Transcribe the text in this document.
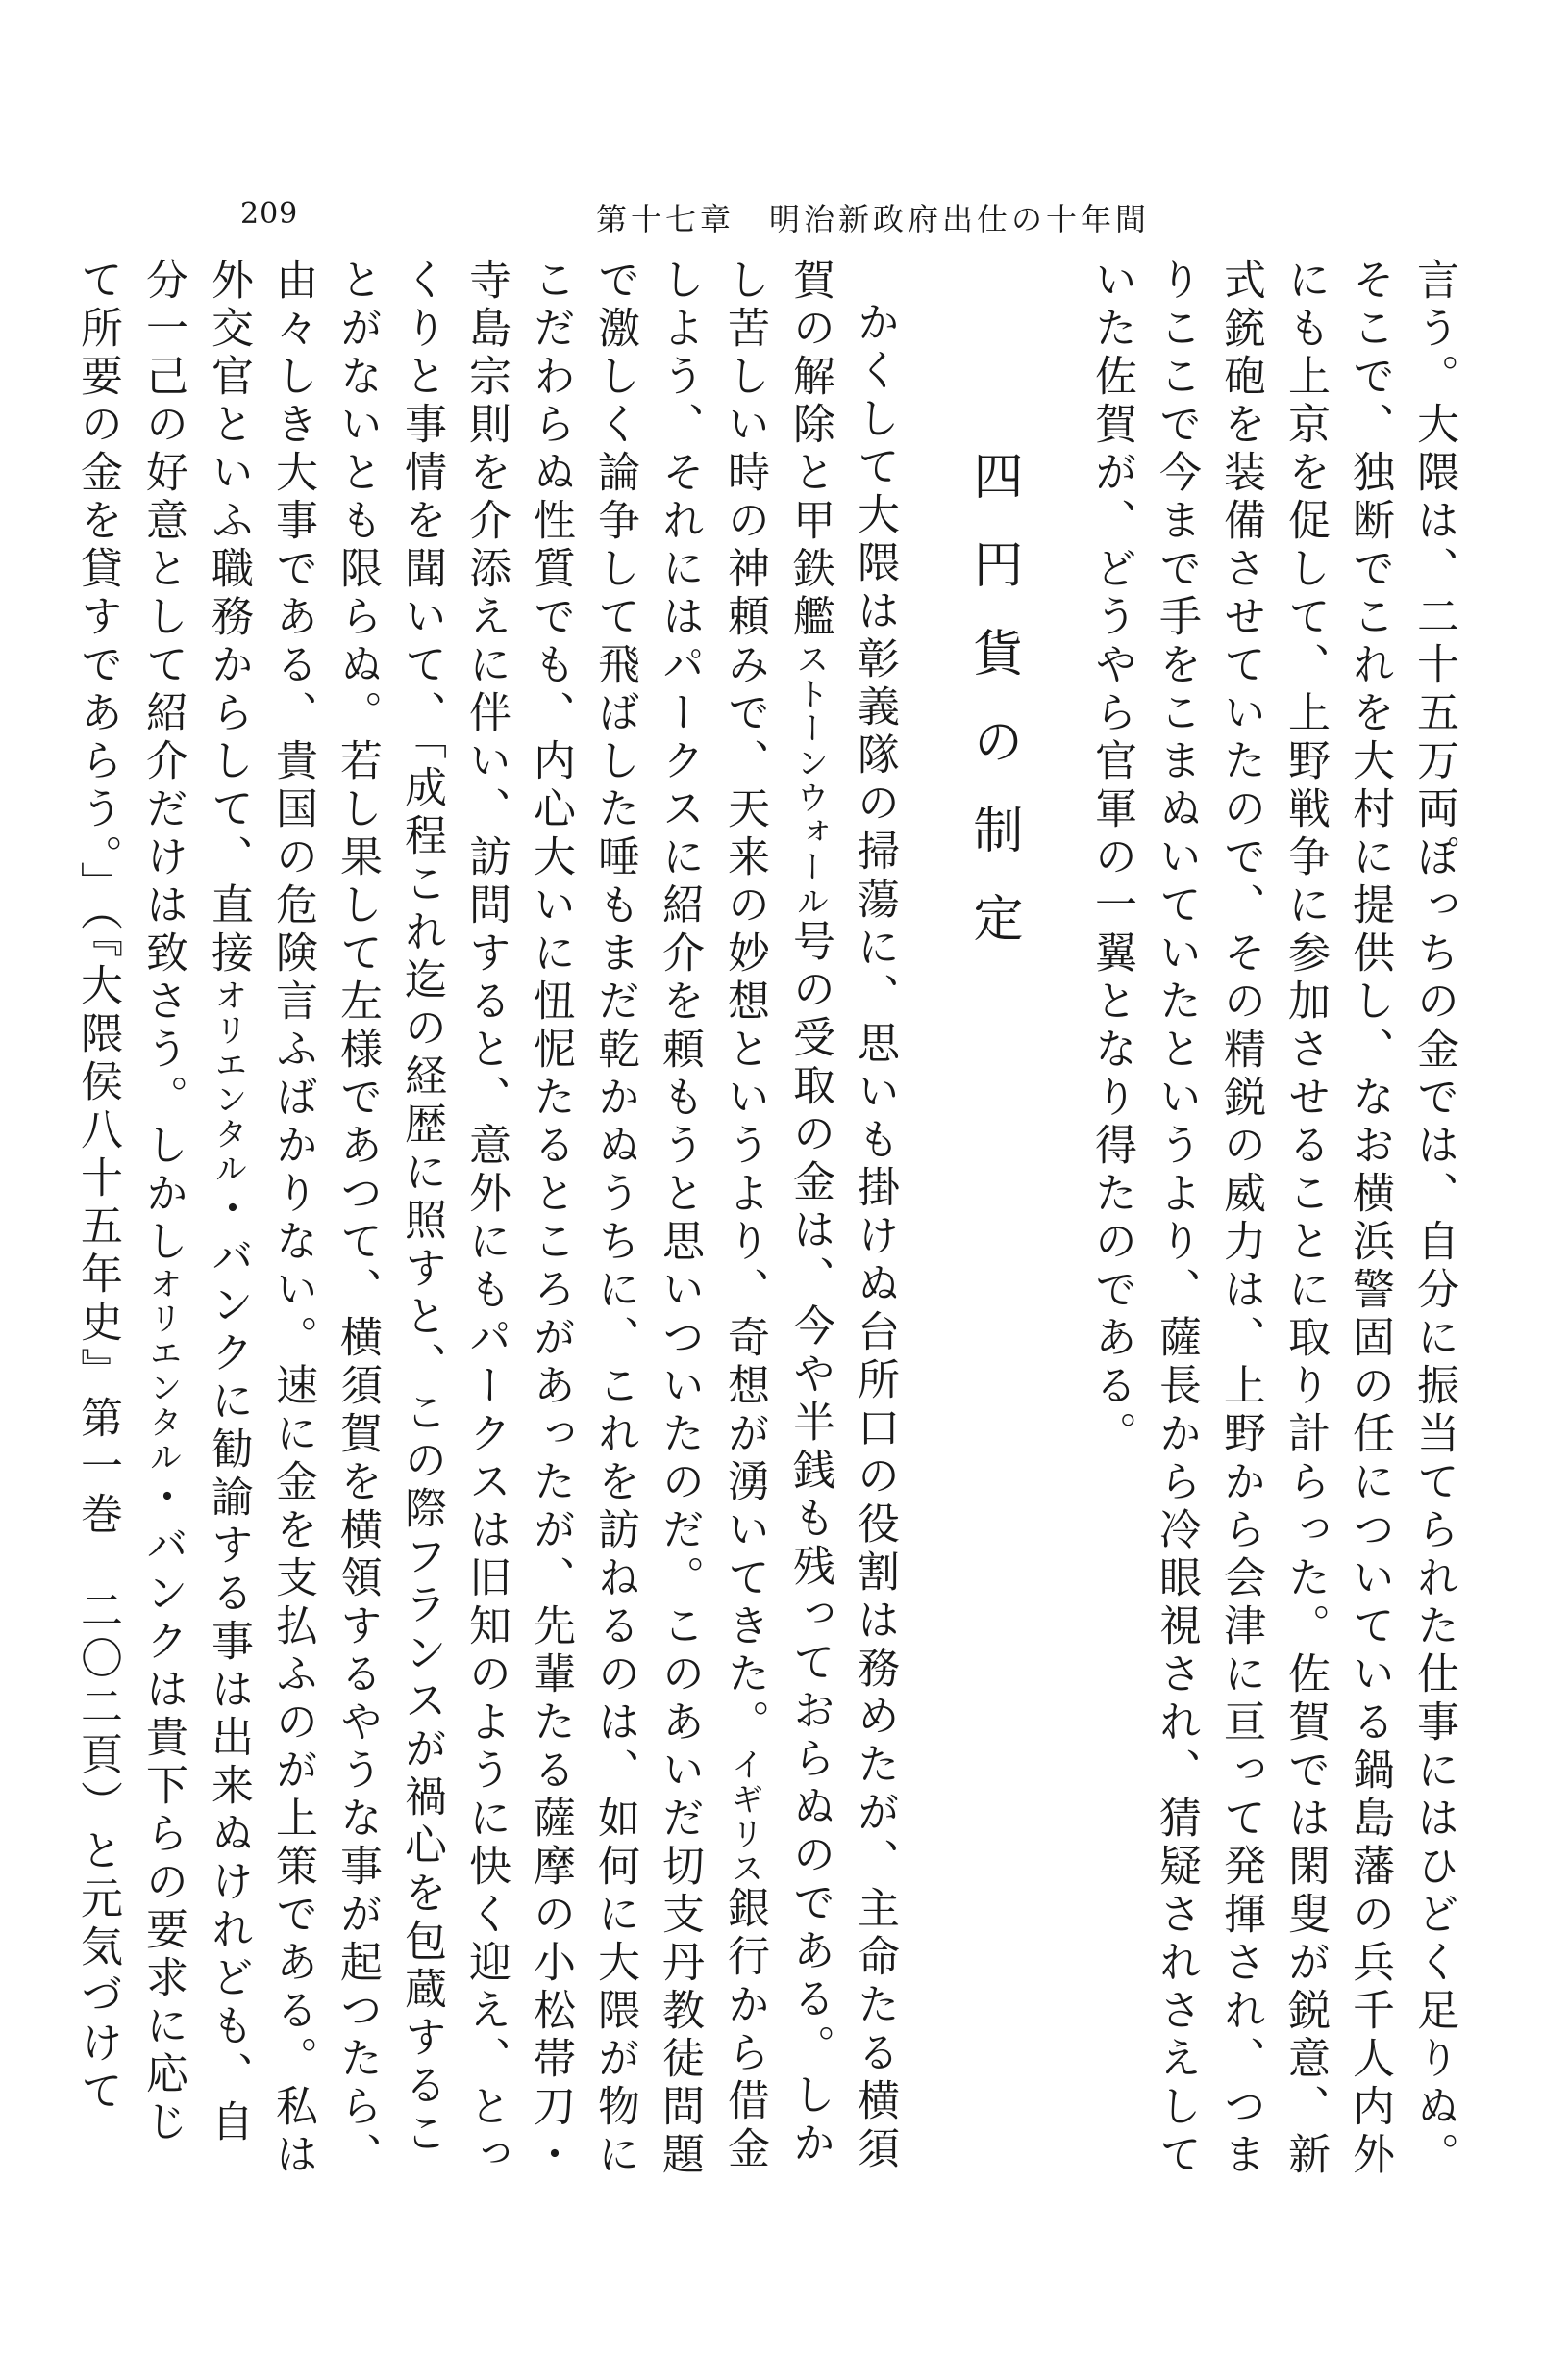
209	第十七章　明治新政府出仕の十年間

言う。大隈は、二十五万両ぽっちの金では、自分に振当てられた仕事にはひどく足りぬ。そこで、独断でこれを大村に提供し、なお横浜警固の任についている鍋島藩の兵千人内外にも上京を促して、上野戦争に参加させることに取り計らった。佐賀では閑叟が鋭意、新式銃砲を装備させていたので、その精鋭の威力は、上野から会津に亘って発揮され、つまりここで今まで手をこまぬいていたというより、薩長から冷眼視され、猜疑されさえしていた佐賀が、どうやら官軍の一翼となり得たのである。

四円貨の制定

かくして大隈は彰義隊の掃蕩に、思いも掛けぬ台所口の役割は務めたが、主命たる横須賀の解除と甲鉄艦ストーンウォール号の受取の金は、今や半銭も残っておらぬのである。しかし苦しい時の神頼みで、天来の妙想というより、奇想が湧いてきた。イギリス銀行から借金しよう、それにはパークスに紹介を頼もうと思いついたのだ。このあいだ切支丹教徒問題で激しく論争して飛ばした唾もまだ乾かぬうちに、これを訪ねるのは、如何に大隈が物にこだわらぬ性質でも、内心大いに忸怩たるところがあったが、先輩たる薩摩の小松帯刀・寺島宗則を介添えに伴い、訪問すると、意外にもパークスは旧知のように快く迎え、とっくりと事情を聞いて、「成程これ迄の経歴に照すと、この際フランスが禍心を包蔵することがないとも限らぬ。若し果して左様であつて、横須賀を横領するやうな事が起つたら、由々しき大事である、貴国の危険言ふばかりない。速に金を支払ふのが上策である。私は外交官といふ職務からして、直接オリエンタル・バンクに勧諭する事は出来ぬけれども、自分一己の好意として紹介だけは致さう。しかしオリエンタル・バンクは貴下らの要求に応じて所要の金を貸すであらう。」（『大隈侯八十五年史』第一巻　二〇二頁）と元気づけて
